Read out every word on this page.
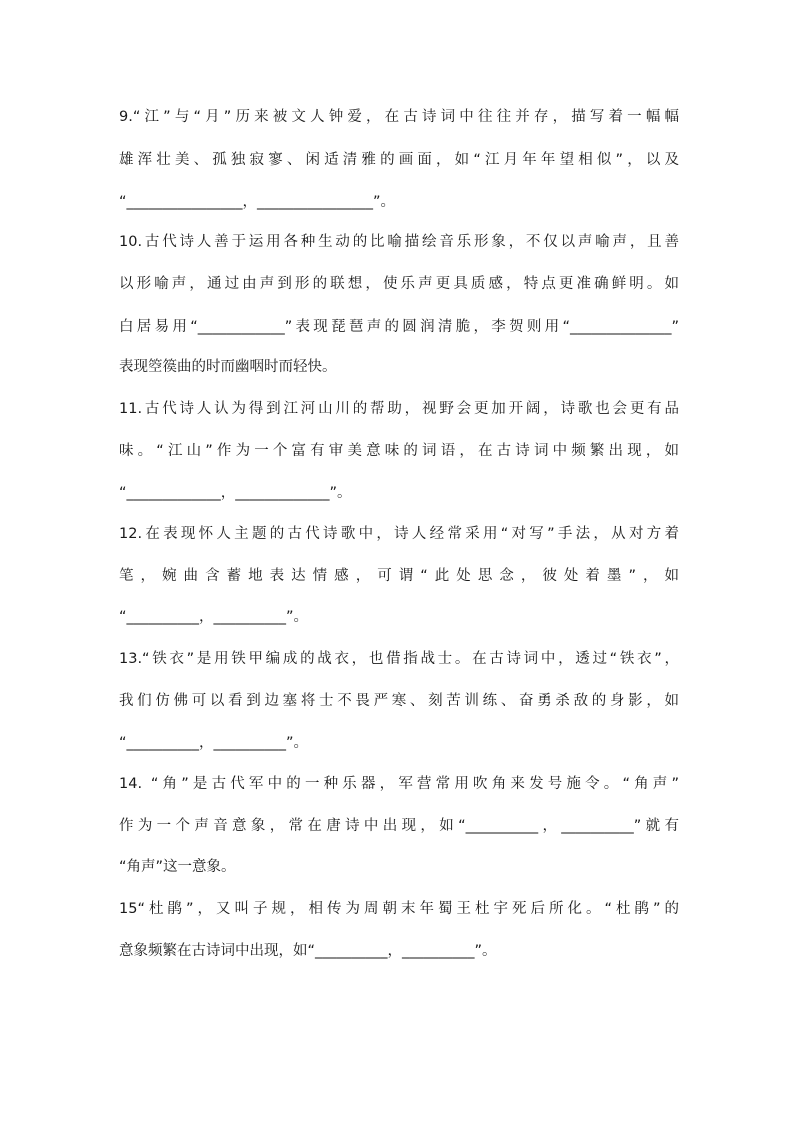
9.“江”与“月”历来被文人钟爱，在古诗词中往往并存，描写着一幅幅
雄浑壮美、孤独寂寥、闲适清雅的画面，如“江月年年望相似”，以及
“________________，________________”。
10.古代诗人善于运用各种生动的比喻描绘音乐形象，不仅以声喻声，且善
以形喻声，通过由声到形的联想，使乐声更具质感，特点更准确鲜明。如
白居易用“____________”表现琵琶声的圆润清脆，李贺则用“______________”
表现箜篌曲的时而幽咽时而轻快。
11.古代诗人认为得到江河山川的帮助，视野会更加开阔，诗歌也会更有品
味。“江山”作为一个富有审美意味的词语，在古诗词中频繁出现，如
“_____________，_____________”。
12.在表现怀人主题的古代诗歌中，诗人经常采用“对写”手法，从对方着
笔，婉曲含蓄地表达情感，可谓“此处思念，彼处着墨”，如
“__________，__________”。
13.“铁衣”是用铁甲编成的战衣，也借指战士。在古诗词中，透过“铁衣”，
我们仿佛可以看到边塞将士不畏严寒、刻苦训练、奋勇杀敌的身影，如
“__________，__________”。
14. “角”是古代军中的一种乐器，军营常用吹角来发号施令。“角声”
作为一个声音意象，常在唐诗中出现，如“__________，__________”就有
“角声”这一意象。
15“杜鹃”，又叫子规，相传为周朝末年蜀王杜宇死后所化。“杜鹃”的
意象频繁在古诗词中出现，如“__________，__________”。
